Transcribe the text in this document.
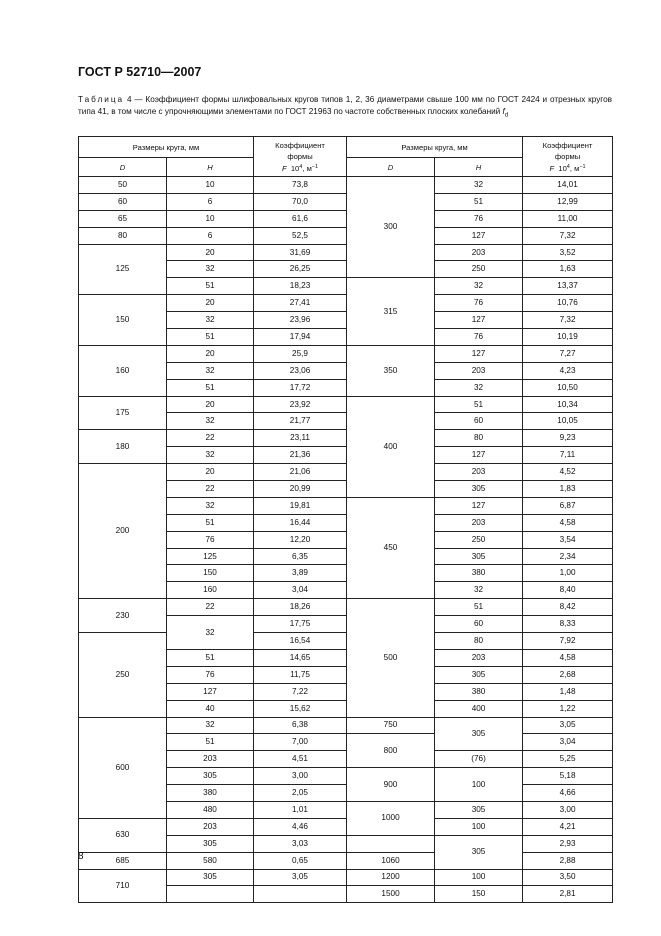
ГОСТ Р 52710—2007
Таблица 4 — Коэффициент формы шлифовальных кругов типов 1, 2, 36 диаметрами свыше 100 мм по ГОСТ 2424 и отрезных кругов типа 41, в том числе с упрочняющими элементами по ГОСТ 21963 по частоте собственных плоских колебаний $f_d$
Размеры круга, мм		Коэффициент
формы
F $10^4$, $м^{-1}$	Размеры круга, мм		Коэффициент
формы
F $10^4$, $м^{-1}$
D	H		D	H	
50	10	73,8	300	32	14,01
60	6	70,0		51	12,99
65	10	61,6		76	11,00
80	6	52,5		127	7,32
125	20	31,69		203	3,52
	32	26,25		250	1,63
	51	18,23	315	32	13,37
150	20	27,41		76	10,76
	32	23,96		127	7,32
	51	17,94		76	10,19
160	20	25,9	350	127	7,27
	32	23,06		203	4,23
	51	17,72		32	10,50
175	20	23,92	400	51	10,34
	32	21,77		60	10,05
180	22	23,11		80	9,23
	32	21,36		127	7,11
200	20	21,06		203	4,52
	22	20,99		305	1,83
	32	19,81	450	127	6,87
	51	16,44		203	4,58
	76	12,20		250	3,54
	125	6,35		305	2,34
	150	3,89		380	1,00
	160	3,04		32	8,40
230	22	18,26	500	51	8,42
	32	17,75		60	8,33
250		16,54		80	7,92
	51	14,65		203	4,58
	76	11,75		305	2,68
	127	7,22		380	1,48
	40	15,62		400	1,22
600	32	6,38	750	305	3,05
	51	7,00	800		3,04
	203	4,51		(76)	5,25
	305	3,00	900	100	5,18
	380	2,05			4,66
	480	1,01	1000	305	3,00
630	203	4,46		100	4,21
	305	3,03		305	2,93
685	580	0,65	1060		2,88
710	305	3,05	1200	100	3,50
			1500	150	2,81
8
